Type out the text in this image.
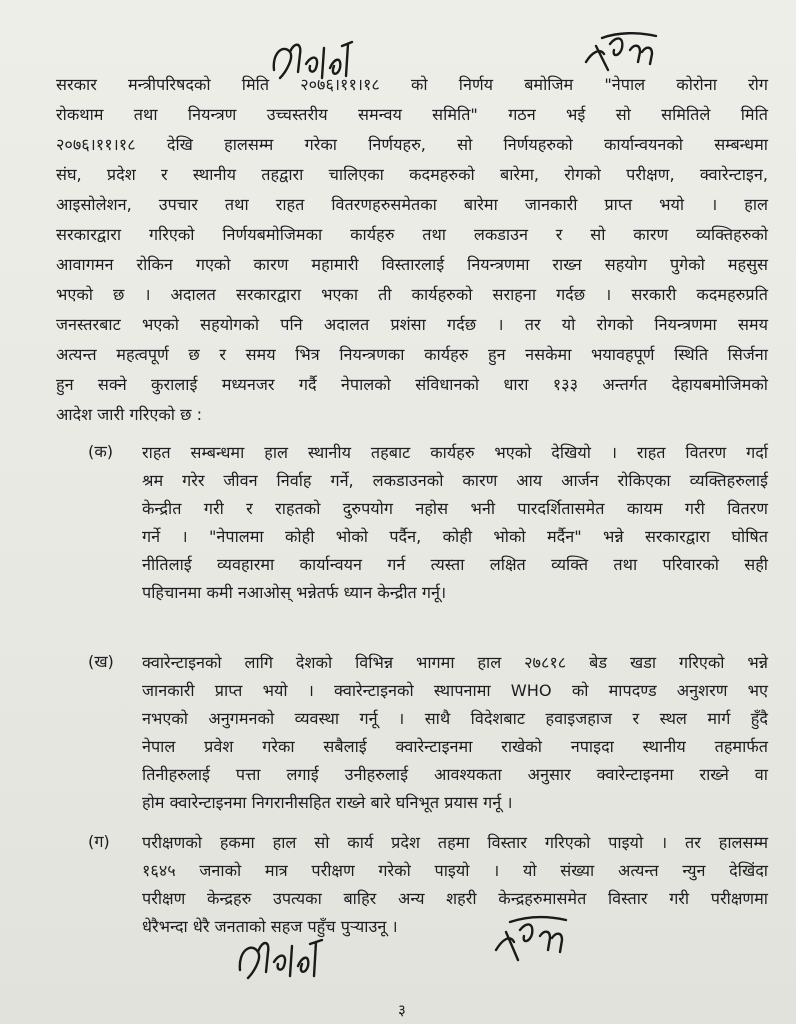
सरकार मन्त्रीपरिषदको मिति २०७६।११।१८ को निर्णय बमोजिम "नेपाल कोरोना रोग
रोकथाम तथा नियन्त्रण उच्चस्तरीय समन्वय समिति" गठन भई सो समितिले मिति
२०७६।११।१८ देखि हालसम्म गरेका निर्णयहरु, सो निर्णयहरुको कार्यान्वयनको सम्बन्धमा
संघ, प्रदेश र स्थानीय तहद्वारा चालिएका कदमहरुको बारेमा, रोगको परीक्षण, क्वारेन्टाइन,
आइसोलेशन, उपचार तथा राहत वितरणहरुसमेतका बारेमा जानकारी प्राप्त भयो । हाल
सरकारद्वारा गरिएको निर्णयबमोजिमका कार्यहरु तथा लकडाउन र सो कारण व्यक्तिहरुको
आवागमन रोकिन गएको कारण महामारी विस्तारलाई नियन्त्रणमा राख्न सहयोग पुगेको महसुस
भएको छ । अदालत सरकारद्वारा भएका ती कार्यहरुको सराहना गर्दछ । सरकारी कदमहरुप्रति
जनस्तरबाट भएको सहयोगको पनि अदालत प्रशंसा गर्दछ । तर यो रोगको नियन्त्रणमा समय
अत्यन्त महत्वपूर्ण छ र समय भित्र नियन्त्रणका कार्यहरु हुन नसकेमा भयावहपूर्ण स्थिति सिर्जना
हुन सक्ने कुरालाई मध्यनजर गर्दै नेपालको संविधानको धारा १३३ अन्तर्गत देहायबमोजिमको
आदेश जारी गरिएको छ :
(क) राहत सम्बन्धमा हाल स्थानीय तहबाट कार्यहरु भएको देखियो । राहत वितरण गर्दा
श्रम गरेर जीवन निर्वाह गर्ने, लकडाउनको कारण आय आर्जन रोकिएका व्यक्तिहरुलाई
केन्द्रीत गरी र राहतको दुरुपयोग नहोस भनी पारदर्शितासमेत कायम गरी वितरण
गर्ने । "नेपालमा कोही भोको पर्दैन, कोही भोको मर्दैन" भन्ने सरकारद्वारा घोषित
नीतिलाई व्यवहारमा कार्यान्वयन गर्न त्यस्ता लक्षित व्यक्ति तथा परिवारको सही
पहिचानमा कमी नआओस् भन्नेतर्फ ध्यान केन्द्रीत गर्नू।
(ख) क्वारेन्टाइनको लागि देशको विभिन्न भागमा हाल २७८१८ बेड खडा गरिएको भन्ने
जानकारी प्राप्त भयो । क्वारेन्टाइनको स्थापनामा WHO को मापदण्ड अनुशरण भए
नभएको अनुगमनको व्यवस्था गर्नू । साथै विदेशबाट हवाइजहाज र स्थल मार्ग हुँदै
नेपाल प्रवेश गरेका सबैलाई क्वारेन्टाइनमा राखेको नपाइदा स्थानीय तहमार्फत
तिनीहरुलाई पत्ता लगाई उनीहरुलाई आवश्यकता अनुसार क्वारेन्टाइनमा राख्ने वा
होम क्वारेन्टाइनमा निगरानीसहित राख्ने बारे घनिभूत प्रयास गर्नू ।
(ग) परीक्षणको हकमा हाल सो कार्य प्रदेश तहमा विस्तार गरिएको पाइयो । तर हालसम्म
१६४५ जनाको मात्र परीक्षण गरेको पाइयो । यो संख्या अत्यन्त न्युन देखिंदा
परीक्षण केन्द्रहरु उपत्यका बाहिर अन्य शहरी केन्द्रहरुमासमेत विस्तार गरी परीक्षणमा
धेरैभन्दा धेरै जनताको सहज पहुँच पुऱ्याउनू ।
३
